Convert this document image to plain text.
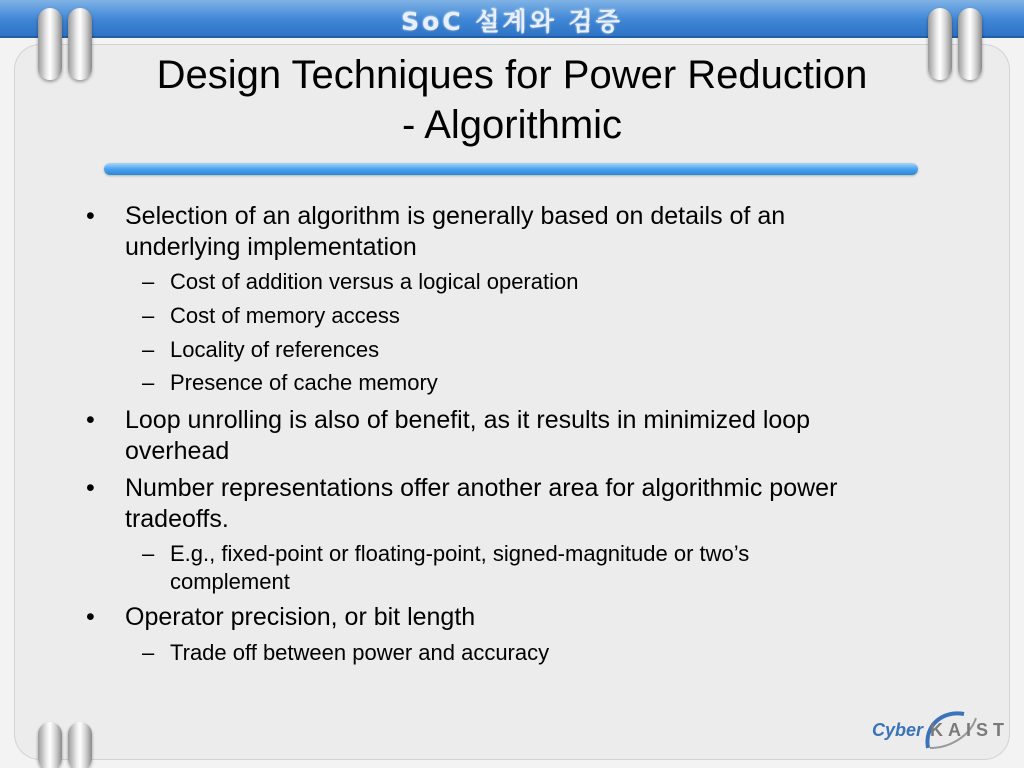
SoC 설계와 검증
Design Techniques for Power Reduction
- Algorithmic
•	Selection of an algorithm is generally based on details of an
underlying implementation
– Cost of addition versus a logical operation
– Cost of memory access
– Locality of references
– Presence of cache memory
•	Loop unrolling is also of benefit, as it results in minimized loop
overhead
•	Number representations offer another area for algorithmic power
tradeoffs.
– E.g., fixed-point or floating-point, signed-magnitude or two’s
complement
•	Operator precision, or bit length
– Trade off between power and accuracy
Cyber KAIST
